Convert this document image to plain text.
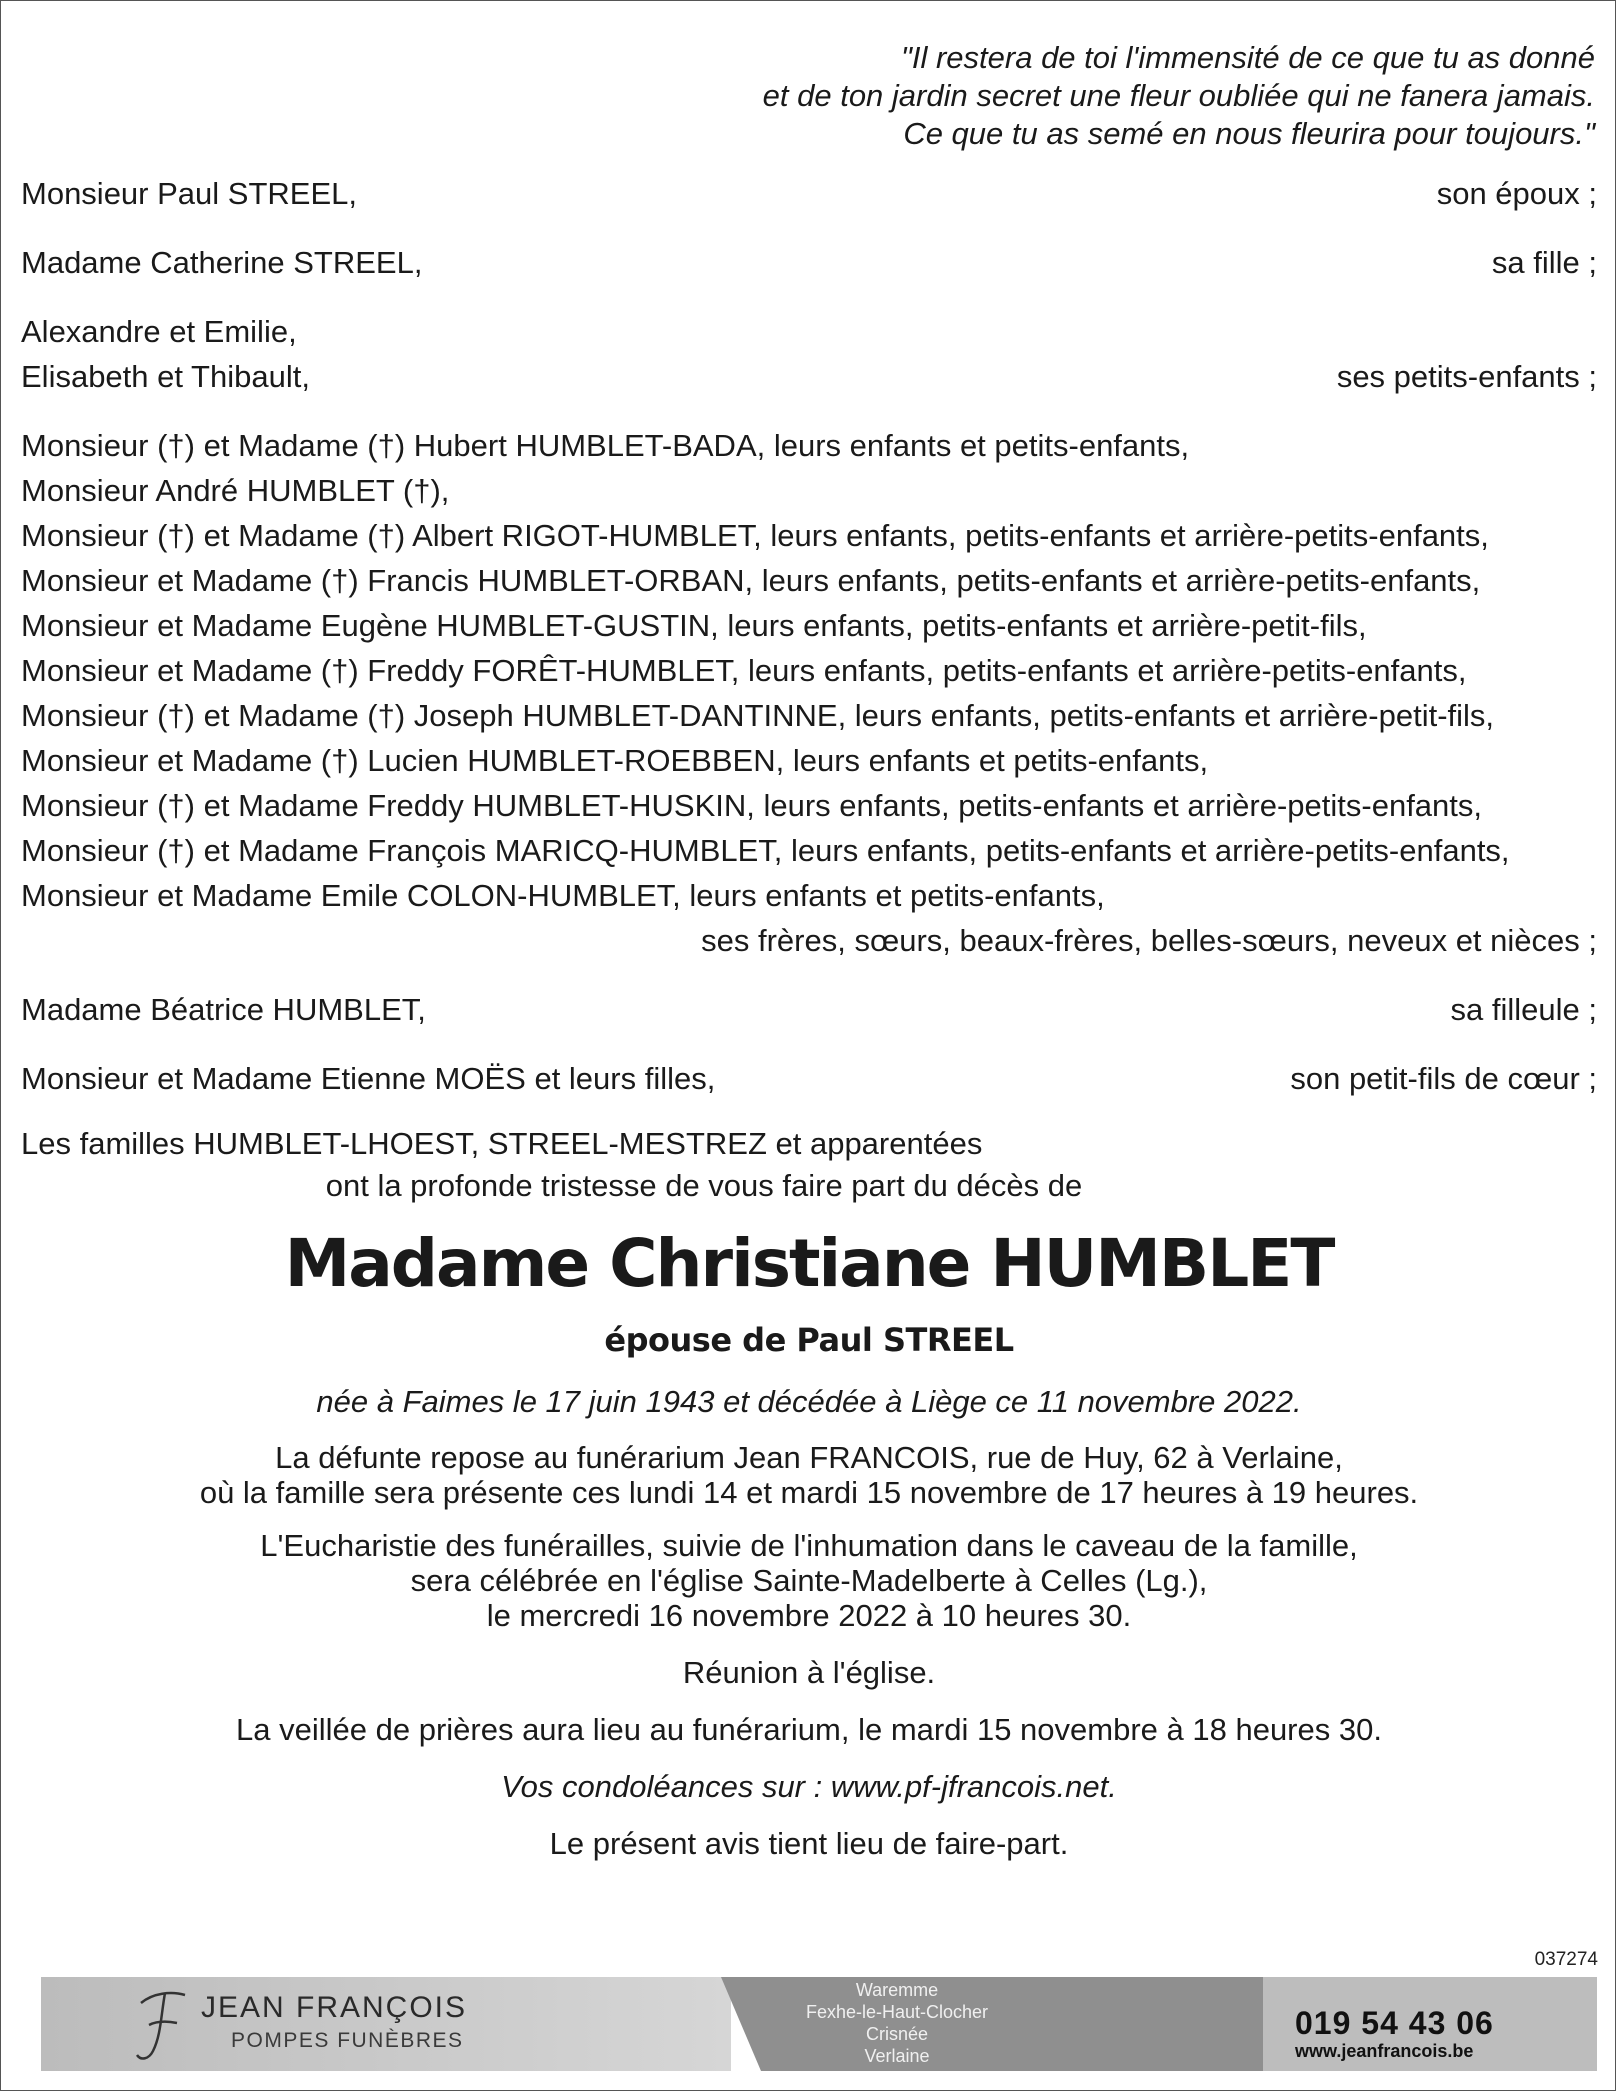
"Il restera de toi l'immensité de ce que tu as donné
et de ton jardin secret une fleur oubliée qui ne fanera jamais.
Ce que tu as semé en nous fleurira pour toujours."
Monsieur Paul STREEL,	son époux ;
Madame Catherine STREEL,	sa fille ;
Alexandre et Emilie,
Elisabeth et Thibault,	ses petits-enfants ;
Monsieur (†) et Madame (†) Hubert HUMBLET-BADA, leurs enfants et petits-enfants,
Monsieur André HUMBLET (†),
Monsieur (†) et Madame (†) Albert RIGOT-HUMBLET, leurs enfants, petits-enfants et arrière-petits-enfants,
Monsieur et Madame (†) Francis HUMBLET-ORBAN, leurs enfants, petits-enfants et arrière-petits-enfants,
Monsieur et Madame Eugène HUMBLET-GUSTIN, leurs enfants, petits-enfants et arrière-petit-fils,
Monsieur et Madame (†) Freddy FORÊT-HUMBLET, leurs enfants, petits-enfants et arrière-petits-enfants,
Monsieur (†) et Madame (†) Joseph HUMBLET-DANTINNE, leurs enfants, petits-enfants et arrière-petit-fils,
Monsieur et Madame (†) Lucien HUMBLET-ROEBBEN, leurs enfants et petits-enfants,
Monsieur (†) et Madame Freddy HUMBLET-HUSKIN, leurs enfants, petits-enfants et arrière-petits-enfants,
Monsieur (†) et Madame François MARICQ-HUMBLET, leurs enfants, petits-enfants et arrière-petits-enfants,
Monsieur et Madame Emile COLON-HUMBLET, leurs enfants et petits-enfants,
ses frères, sœurs, beaux-frères, belles-sœurs, neveux et nièces ;
Madame Béatrice HUMBLET,	sa filleule ;
Monsieur et Madame Etienne MOËS et leurs filles,	son petit-fils de cœur ;
Les familles HUMBLET-LHOEST, STREEL-MESTREZ et apparentées
ont la profonde tristesse de vous faire part du décès de
Madame Christiane HUMBLET
épouse de Paul STREEL
née à Faimes le 17 juin 1943 et décédée à Liège ce 11 novembre 2022.
La défunte repose au funérarium Jean FRANCOIS, rue de Huy, 62 à Verlaine,
où la famille sera présente ces lundi 14 et mardi 15 novembre de 17 heures à 19 heures.
L'Eucharistie des funérailles, suivie de l'inhumation dans le caveau de la famille,
sera célébrée en l'église Sainte-Madelberte à Celles (Lg.),
le mercredi 16 novembre 2022 à 10 heures 30.
Réunion à l'église.
La veillée de prières aura lieu au funérarium, le mardi 15 novembre à 18 heures 30.
Vos condoléances sur : www.pf-jfrancois.net.
Le présent avis tient lieu de faire-part.
037274
JEAN FRANÇOIS
POMPES FUNÈBRES
Waremme
Fexhe-le-Haut-Clocher
Crisnée
Verlaine
019 54 43 06
www.jeanfrancois.be
